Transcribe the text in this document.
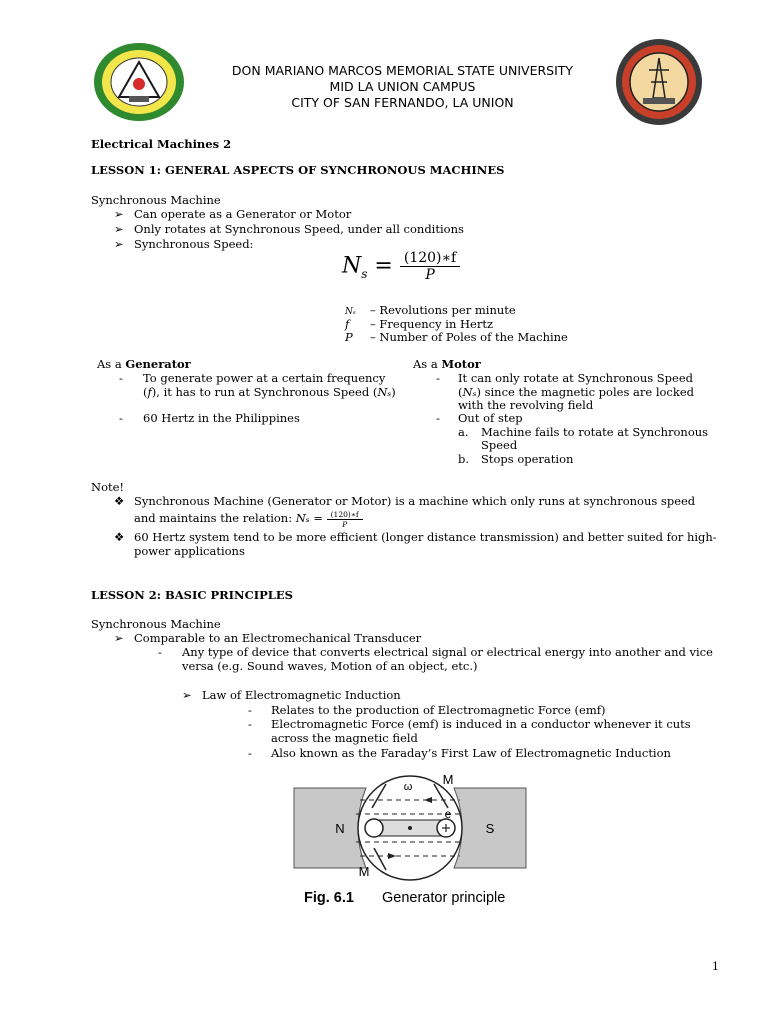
DON MARIANO MARCOS MEMORIAL STATE UNIVERSITY
MID LA UNION CAMPUS
CITY OF SAN FERNANDO, LA UNION
Electrical Machines 2
LESSON 1: GENERAL ASPECTS OF SYNCHRONOUS MACHINES
Synchronous Machine
➢ Can operate as a Generator or Motor
➢ Only rotates at Synchronous Speed, under all conditions
➢ Synchronous Speed:
$N_s = \frac{(120)∗f}{P}$
Nₛ – Revolutions per minute
f – Frequency in Hertz
P – Number of Poles of the Machine
As a Generator
- To generate power at a certain frequency
(f), it has to run at Synchronous Speed (Nₛ)
- 60 Hertz in the Philippines
As a Motor
- It can only rotate at Synchronous Speed
(Nₛ) since the magnetic poles are locked
with the revolving field
- Out of step
a. Machine fails to rotate at Synchronous
Speed
b. Stops operation
Note!
❖ Synchronous Machine (Generator or Motor) is a machine which only runs at synchronous speed
and maintains the relation: $N_s = \frac{(120)∗f}{P}$
❖ 60 Hertz system tend to be more efficient (longer distance transmission) and better suited for high-
power applications
LESSON 2: BASIC PRINCIPLES
Synchronous Machine
➢ Comparable to an Electromechanical Transducer
- Any type of device that converts electrical signal or electrical energy into another and vice
versa (e.g. Sound waves, Motion of an object, etc.)
➢ Law of Electromagnetic Induction
- Relates to the production of Electromagnetic Force (emf)
- Electromagnetic Force (emf) is induced in a conductor whenever it cuts
across the magnetic field
- Also known as the Faraday’s First Law of Electromagnetic Induction
N	S
M
M
ω
e
Fig. 6.1 Generator principle
1
